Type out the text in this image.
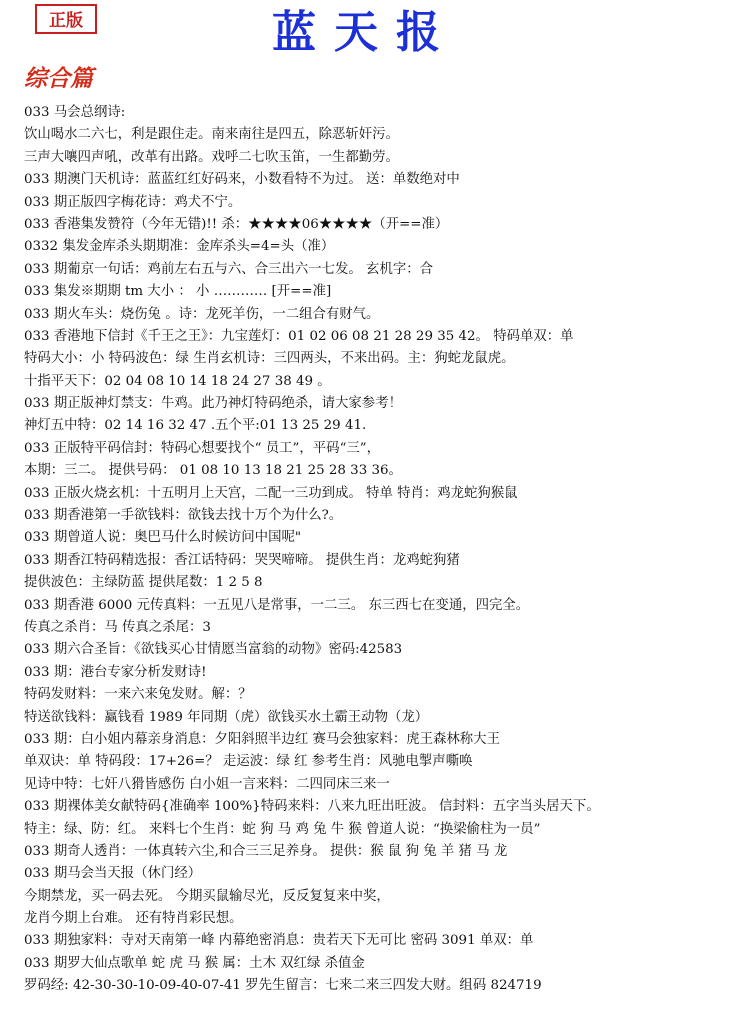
正版	蓝天报
综合篇
033 马会总纲诗:
饮山喝水二六七，利是跟住走。南来南往是四五，除恶斩奸污。
三声大嚷四声吼，改革有出路。戏呼二七吹玉笛，一生都勤劳。
033 期澳门天机诗：蓝蓝红红好码来，小数看特不为过。 送：单数绝对中
033 期正版四字梅花诗：鸡犬不宁。
033 香港集发赞符（今年无错)!! 杀：★★★★06★★★★（开==准）
0332 集发金库杀头期期准：金库杀头=4=头（准）
033 期葡京一句话：鸡前左右五与六、合三出六一七发。 玄机字：合
033 集发※期期 tm 大小 ： 小 ………… [开==准]
033 期火车头：烧伤兔 。诗：龙死羊伤，一二组合有财气。
033 香港地下信封《千王之王》：九宝莲灯：01 02 06 08 21 28 29 35 42。 特码单双：单
特码大小：小 特码波色：绿 生肖玄机诗：三四两头，不来出码。主：狗蛇龙鼠虎。
十指平天下：02 04 08 10 14 18 24 27 38 49 。
033 期正版神灯禁支：牛鸡。此乃神灯特码绝杀，请大家参考！
神灯五中特：02 14 16 32 47 .五个平:01 13 25 29 41.
033 正版特平码信封：特码心想要找个“ 员工”，平码“三”，
本期：三二。 提供号码： 01 08 10 13 18 21 25 28 33 36。
033 正版火烧玄机：十五明月上天宫，二配一三功到成。 特单 特肖：鸡龙蛇狗猴鼠
033 期香港第一手欲钱料：欲钱去找十万个为什么?。
033 期曾道人说：奥巴马什么时候访问中国呢"
033 期香江特码精选报：香江话特码：哭哭啼啼。 提供生肖：龙鸡蛇狗猪
提供波色：主绿防蓝 提供尾数：1 2 5 8
033 期香港 6000 元传真料：一五见八是常事，一二三。 东三西七在变通，四完全。
传真之杀肖：马 传真之杀尾：3
033 期六合圣旨：《欲钱买心甘情愿当富翁的动物》密码:42583
033 期：港台专家分析发财诗!
特码发财料：一来六来兔发财。解：？
特送欲钱料：赢钱看 1989 年同期（虎）欲钱买水土霸王动物（龙）
033 期：白小姐内幕亲身消息：夕阳斜照半边红 赛马会独家料：虎王森林称大王
单双诀：单 特码段：17+26=？ 走运波：绿 红 参考生肖：风驰电掣声嘶唤
见诗中特：七奸八猾皆感伤 白小姐一言来料：二四同床三来一
033 期裸体美女献特码{准确率 100%}特码来料：八来九旺出旺波。 信封料：五字当头居天下。
特主：绿、防：红。 来料七个生肖：蛇 狗 马 鸡 兔 牛 猴 曾道人说：“换梁偷柱为一员”
033 期奇人透肖：一体真转六尘,和合三三足养身。 提供：猴 鼠 狗 兔 羊 猪 马 龙
033 期马会当天报（休门经）
今期禁龙，买一码去死。 今期买鼠输尽光，反反复复来中奖，
龙肖今期上台难。 还有特肖彩民想。
033 期独家料：寺对天南第一峰 内幕绝密消息：贵若天下无可比 密码 3091 单双：单
033 期罗大仙点歌单 蛇 虎 马 猴 属：土木 双红绿 杀值金
罗码经: 42-30-30-10-09-40-07-41 罗先生留言：七来二来三四发大财。组码 824719
